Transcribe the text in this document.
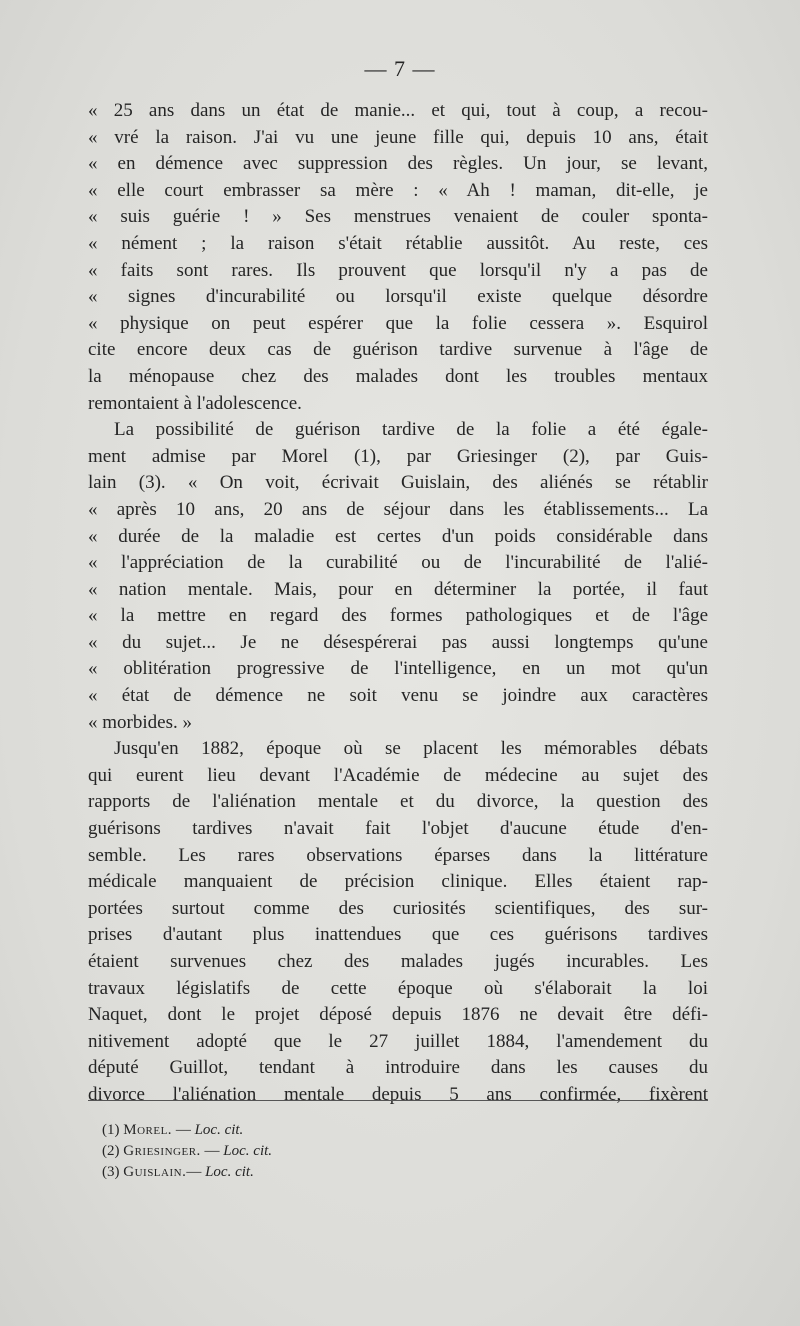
— 7 —
« 25 ans dans un état de manie... et qui, tout à coup, a recou-
« vré la raison. J'ai vu une jeune fille qui, depuis 10 ans, était
« en démence avec suppression des règles. Un jour, se levant,
« elle court embrasser sa mère : « Ah ! maman, dit-elle, je
« suis guérie ! » Ses menstrues venaient de couler sponta-
« nément ; la raison s'était rétablie aussitôt. Au reste, ces
« faits sont rares. Ils prouvent que lorsqu'il n'y a pas de
« signes d'incurabilité ou lorsqu'il existe quelque désordre
« physique on peut espérer que la folie cessera ». Esquirol
cite encore deux cas de guérison tardive survenue à l'âge de
la ménopause chez des malades dont les troubles mentaux
remontaient à l'adolescence.
La possibilité de guérison tardive de la folie a été égale-
ment admise par Morel (1), par Griesinger (2), par Guis-
lain (3). « On voit, écrivait Guislain, des aliénés se rétablir
« après 10 ans, 20 ans de séjour dans les établissements... La
« durée de la maladie est certes d'un poids considérable dans
« l'appréciation de la curabilité ou de l'incurabilité de l'alié-
« nation mentale. Mais, pour en déterminer la portée, il faut
« la mettre en regard des formes pathologiques et de l'âge
« du sujet... Je ne désespérerai pas aussi longtemps qu'une
« oblitération progressive de l'intelligence, en un mot qu'un
« état de démence ne soit venu se joindre aux caractères
« morbides. »
Jusqu'en 1882, époque où se placent les mémorables débats
qui eurent lieu devant l'Académie de médecine au sujet des
rapports de l'aliénation mentale et du divorce, la question des
guérisons tardives n'avait fait l'objet d'aucune étude d'en-
semble. Les rares observations éparses dans la littérature
médicale manquaient de précision clinique. Elles étaient rap-
portées surtout comme des curiosités scientifiques, des sur-
prises d'autant plus inattendues que ces guérisons tardives
étaient survenues chez des malades jugés incurables. Les
travaux législatifs de cette époque où s'élaborait la loi
Naquet, dont le projet déposé depuis 1876 ne devait être défi-
nitivement adopté que le 27 juillet 1884, l'amendement du
député Guillot, tendant à introduire dans les causes du
divorce l'aliénation mentale depuis 5 ans confirmée, fixèrent
(1) Morel. — Loc. cit.
(2) Griesinger. — Loc. cit.
(3) Guislain.— Loc. cit.
